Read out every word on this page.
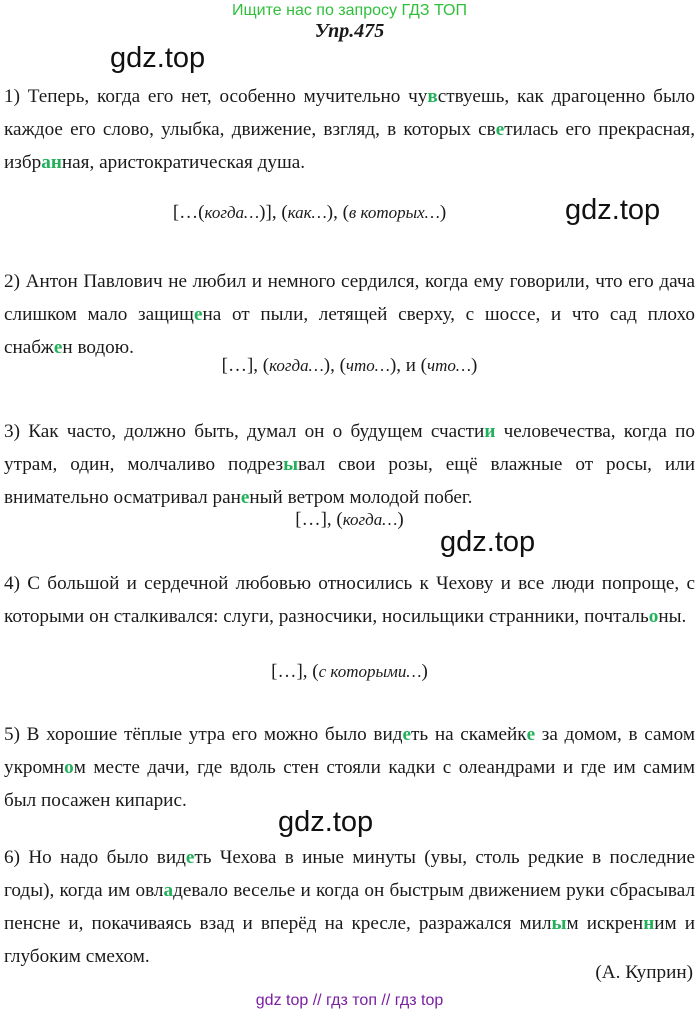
Ищите нас по запросу ГДЗ ТОП
Упр.475
gdz.top
gdz.top
gdz.top
gdz.top
1) Теперь, когда его нет, особенно мучительно чувствуешь, как драгоценно было каждое его слово, улыбка, движение, взгляд, в которых светилась его прекрасная, избранная, аристократическая душа.
[…(когда…)], (как…), (в которых…)
2) Антон Павлович не любил и немного сердился, когда ему говорили, что его дача слишком мало защищена от пыли, летящей сверху, с шоссе, и что сад плохо снабжен водою.
[…], (когда…), (что…), и (что…)
3) Как часто, должно быть, думал он о будущем счастии человечества, когда по утрам, один, молчаливо подрезывал свои розы, ещё влажные от росы, или внимательно осматривал раненый ветром молодой побег.
[…], (когда…)
4) С большой и сердечной любовью относились к Чехову и все люди попроще, с которыми он сталкивался: слуги, разносчики, носильщики странники, почтальоны.
[…], (с которыми…)
5) В хорошие тёплые утра его можно было видеть на скамейке за домом, в самом укромном месте дачи, где вдоль стен стояли кадки с олеандрами и где им самим был посажен кипарис.
6) Но надо было видеть Чехова в иные минуты (увы, столь редкие в последние годы), когда им овладевало веселье и когда он быстрым движением руки сбрасывал пенсне и, покачиваясь взад и вперёд на кресле, разражался милым искренним и глубоким смехом.
(А. Куприн)
gdz top // гдз топ // гдз top
